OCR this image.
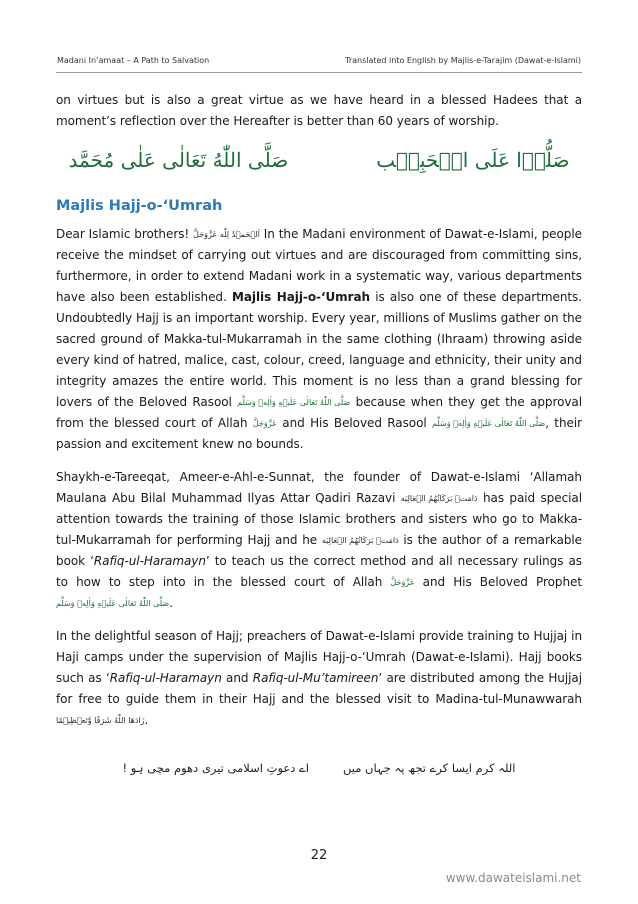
Madani In’amaat – A Path to Salvation	Translated into English by Majlis-e-Tarajim (Dawat-e-Islami)

on virtues but is also a great virtue as we have heard in a blessed Hadees that a moment’s reflection over the Hereafter is better than 60 years of worship.

صَلُّوۡا عَلَى الۡحَبِيۡب
صَلَّى اللّٰهُ تَعَالٰى عَلٰى مُحَمَّد
Majlis Hajj-o-‘Umrah

Dear Islamic brothers! اَلۡحَمۡدُ لِلّٰه عَزَّوَجَلَّ In the Madani environment of Dawat-e-Islami, people receive the mindset of carrying out virtues and are discouraged from committing sins, furthermore, in order to extend Madani work in a systematic way, various departments have also been established. Majlis Hajj-o-‘Umrah is also one of these departments. Undoubtedly Hajj is an important worship. Every year, millions of Muslims gather on the sacred ground of Makka-tul-Mukarramah in the same clothing (Ihraam) throwing aside every kind of hatred, malice, cast, colour, creed, language and ethnicity, their unity and integrity amazes the entire world. This moment is no less than a grand blessing for lovers of the Beloved Rasool صَلَّى اللّٰهُ تَعَالٰى عَلَيۡهِ وَاٰلِهٖ وَسَلَّم because when they get the approval from the blessed court of Allah عَزَّوَجَلَّ and His Beloved Rasool صَلَّى اللّٰهُ تَعَالٰى عَلَيۡهِ وَاٰلِهٖ وَسَلَّم, their passion and excitement knew no bounds.

Shaykh-e-Tareeqat, Ameer-e-Ahl-e-Sunnat, the founder of Dawat-e-Islami ‘Allamah Maulana Abu Bilal Muhammad Ilyas Attar Qadiri Razavi دَامَتۡ بَرَكَاتُهُمُ الۡعَالِيَه has paid special attention towards the training of those Islamic brothers and sisters who go to Makka-tul-Mukarramah for performing Hajj and he دَامَتۡ بَرَكَاتُهُمُ الۡعَالِيَه is the author of a remarkable book ‘Rafiq-ul-Haramayn’ to teach us the correct method and all necessary rulings as to how to step into in the blessed court of Allah عَزَّوَجَلَّ and His Beloved Prophet صَلَّى اللّٰهُ تَعَالٰى عَلَيۡهِ وَاٰلِهٖ وَسَلَّم.

In the delightful season of Hajj; preachers of Dawat-e-Islami provide training to Hujjaj in Haji camps under the supervision of Majlis Hajj-o-‘Umrah (Dawat-e-Islami). Hajj books such as ‘Rafiq-ul-Haramayn and Rafiq-ul-Mu’tamireen’ are distributed among the Hujjaj for free to guide them in their Hajj and the blessed visit to Madina-tul-Munawwarah زَادَهَا اللّٰهُ شَرَفًا وَّتَعۡظِيۡمًا.

اللہ کرم ایسا کرے تجھ پہ جہاں میں
اے دعوتِ اسلامی تیری دھوم مچی ہو !
22
www.dawateislami.net
